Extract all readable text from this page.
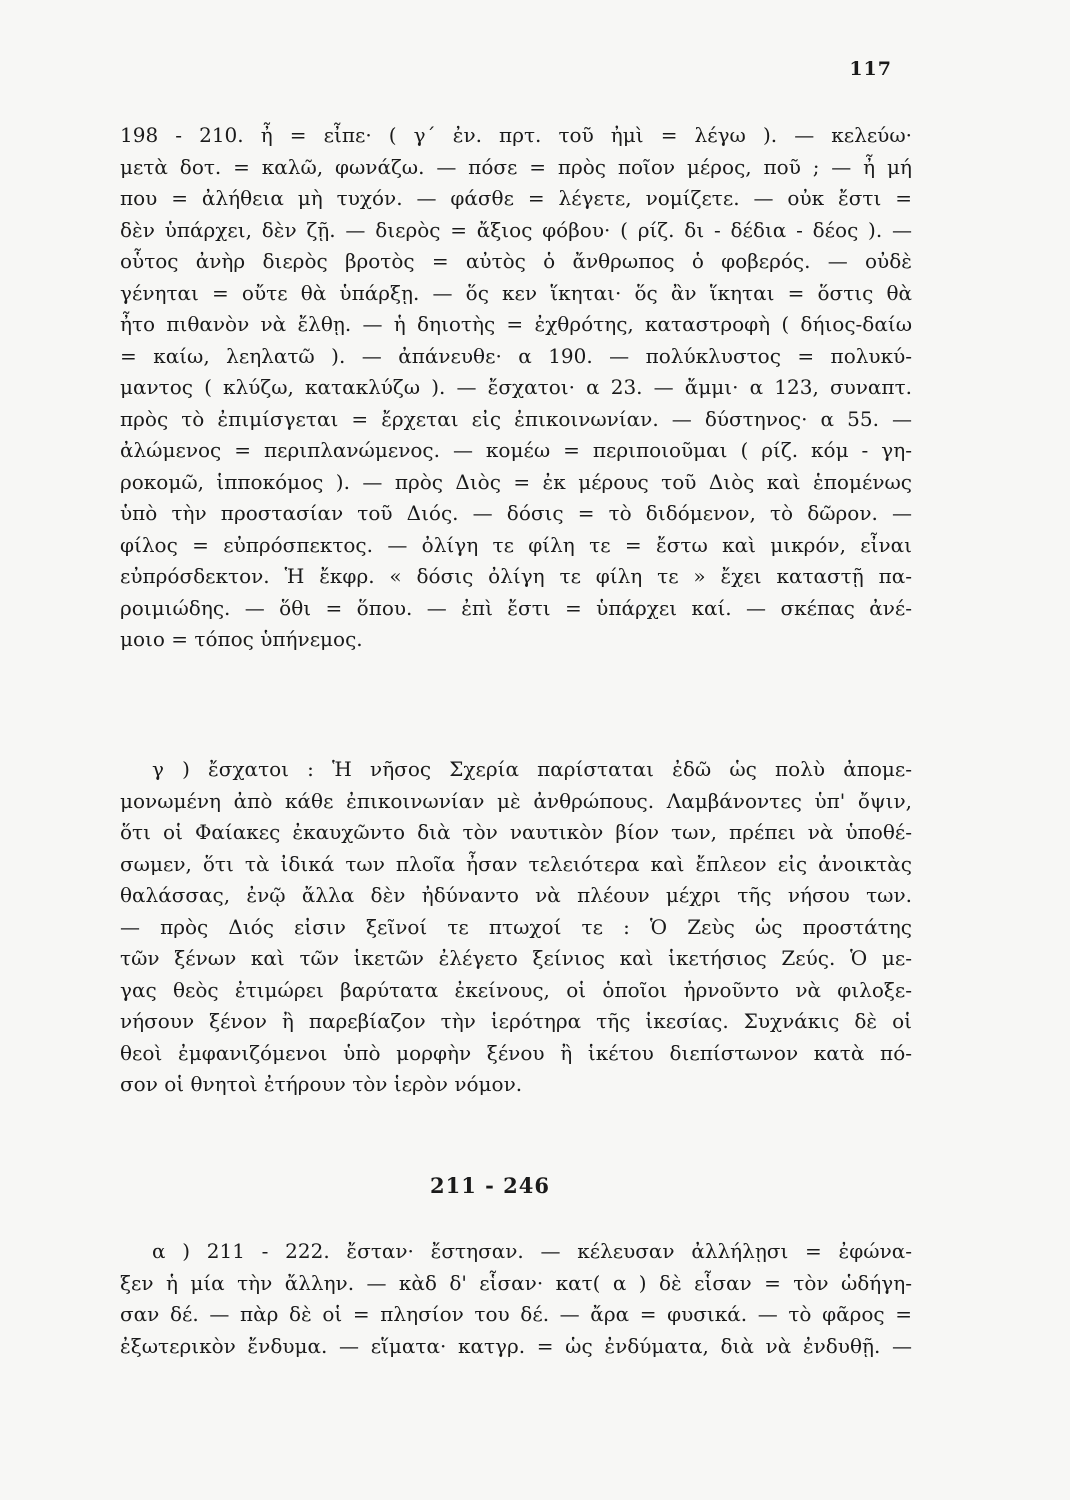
117
198 - 210. ἦ = εἶπε· ( γ΄ ἐν. πρτ. τοῦ ἠμὶ = λέγω ). — κελεύω·
μετὰ δοτ. = καλῶ, φωνάζω. — πόσε = πρὸς ποῖον μέρος, ποῦ ; — ἦ μή
που = ἀλήθεια μὴ τυχόν. — φάσθε = λέγετε, νομίζετε. — οὐκ ἔστι =
δὲν ὑπάρχει, δὲν ζῇ. — διερὸς = ἄξιος φόβου· ( ρίζ. δι - δέδια - δέος ). —
οὗτος ἀνὴρ διερὸς βροτὸς = αὐτὸς ὁ ἄνθρωπος ὁ φοβερός. — οὐδὲ
γένηται = οὔτε θὰ ὑπάρξῃ. — ὅς κεν ἵκηται· ὅς ἂν ἵκηται = ὅστις θὰ
ἦτο πιθανὸν νὰ ἔλθῃ. — ἡ δηιοτὴς = ἐχθρότης, καταστροφὴ ( δήιος-δαίω
= καίω, λεηλατῶ ). — ἀπάνευθε· α 190. — πολύκλυστος = πολυκύ-
μαντος ( κλύζω, κατακλύζω ). — ἔσχατοι· α 23. — ἄμμι· α 123, συναπτ.
πρὸς τὸ ἐπιμίσγεται = ἔρχεται εἰς ἐπικοινωνίαν. — δύστηνος· α 55. —
ἀλώμενος = περιπλανώμενος. — κομέω = περιποιοῦμαι ( ρίζ. κόμ - γη-
ροκομῶ, ἱπποκόμος ). — πρὸς Διὸς = ἐκ μέρους τοῦ Διὸς καὶ ἑπομένως
ὑπὸ τὴν προστασίαν τοῦ Διός. — δόσις = τὸ διδόμενον, τὸ δῶρον. —
φίλος = εὐπρόσπεκτος. — ὀλίγη τε φίλη τε = ἔστω καὶ μικρόν, εἶναι
εὐπρόσδεκτον. Ἡ ἔκφρ. « δόσις ὀλίγη τε φίλη τε » ἔχει καταστῇ πα-
ροιμιώδης. — ὅθι = ὅπου. — ἐπὶ ἔστι = ὑπάρχει καί. — σκέπας ἀνέ-
μοιο = τόπος ὑπήνεμος.
γ ) ἔσχατοι : Ἡ νῆσος Σχερία παρίσταται ἐδῶ ὡς πολὺ ἀπομε-
μονωμένη ἀπὸ κάθε ἐπικοινωνίαν μὲ ἀνθρώπους. Λαμβάνοντες ὑπ' ὄψιν,
ὅτι οἱ Φαίακες ἐκαυχῶντο διὰ τὸν ναυτικὸν βίον των, πρέπει νὰ ὑποθέ-
σωμεν, ὅτι τὰ ἰδικά των πλοῖα ἦσαν τελειότερα καὶ ἔπλεον εἰς ἀνοικτὰς
θαλάσσας, ἐνῷ ἄλλα δὲν ἠδύναντο νὰ πλέουν μέχρι τῆς νήσου των.
— πρὸς Διός εἰσιν ξεῖνοί τε πτωχοί τε : Ὁ Ζεὺς ὡς προστάτης
τῶν ξένων καὶ τῶν ἱκετῶν ἐλέγετο ξείνιος καὶ ἱκετήσιος Ζεύς. Ὁ με-
γας θεὸς ἐτιμώρει βαρύτατα ἐκείνους, οἱ ὁποῖοι ἠρνοῦντο νὰ φιλοξε-
νήσουν ξένον ἢ παρεβίαζον τὴν ἱερότηρα τῆς ἱκεσίας. Συχνάκις δὲ οἱ
θεοὶ ἐμφανιζόμενοι ὑπὸ μορφὴν ξένου ἢ ἱκέτου διεπίστωνον κατὰ πό-
σον οἱ θνητοὶ ἐτήρουν τὸν ἱερὸν νόμον.
211 - 246
α ) 211 - 222. ἔσταν· ἔστησαν. — κέλευσαν ἀλλήλῃσι = ἐφώνα-
ξεν ἡ μία τὴν ἄλλην. — κὰδ δ' εἷσαν· κατ( α ) δὲ εἷσαν = τὸν ὡδήγη-
σαν δέ. — πὰρ δὲ οἱ = πλησίον του δέ. — ἄρα = φυσικά. — τὸ φᾶρος =
ἐξωτερικὸν ἔνδυμα. — εἵματα· κατγρ. = ὡς ἐνδύματα, διὰ νὰ ἐνδυθῇ. —
